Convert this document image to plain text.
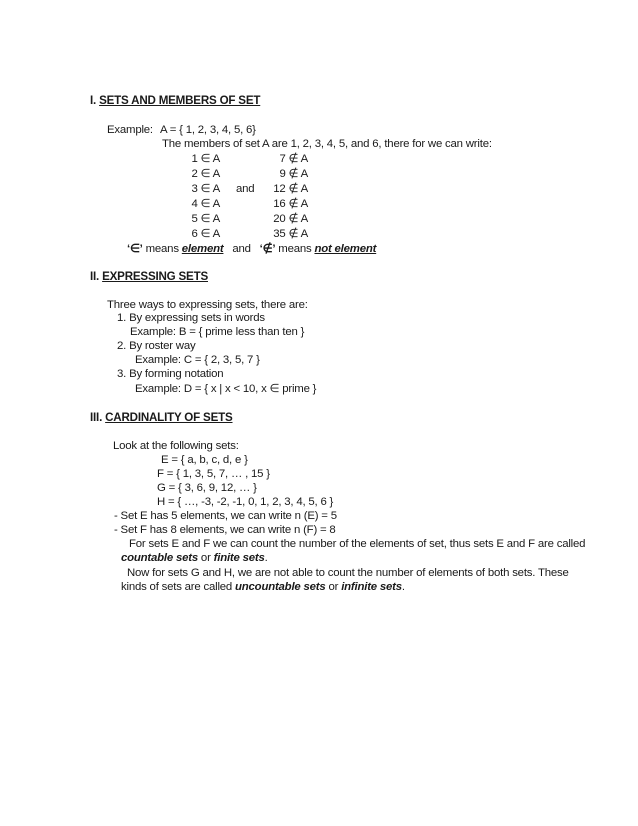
I. SETS AND MEMBERS OF SET
Example: A = { 1, 2, 3, 4, 5, 6}
The members of set A are 1, 2, 3, 4, 5, and 6, there for we can write:
1 ∈ A
2 ∈ A
3 ∈ A
4 ∈ A
5 ∈ A
6 ∈ A
and
7 ∉ A
9 ∉ A
12 ∉ A
16 ∉ A
20 ∉ A
35 ∉ A
‘∈’ means element and ‘∉’ means not element
II. EXPRESSING SETS
Three ways to expressing sets, there are:
1. By expressing sets in words
Example: B = { prime less than ten }
2. By roster way
Example: C = { 2, 3, 5, 7 }
3. By forming notation
Example: D = { x | x < 10, x ∈ prime }
III. CARDINALITY OF SETS
Look at the following sets:
E = { a, b, c, d, e }
F = { 1, 3, 5, 7, … , 15 }
G = { 3, 6, 9, 12, … }
H = { …, -3, -2, -1, 0, 1, 2, 3, 4, 5, 6 }
- Set E has 5 elements, we can write n (E) = 5
- Set F has 8 elements, we can write n (F) = 8
For sets E and F we can count the number of the elements of set, thus sets E and F are called
countable sets or finite sets.
Now for sets G and H, we are not able to count the number of elements of both sets. These
kinds of sets are called uncountable sets or infinite sets.
